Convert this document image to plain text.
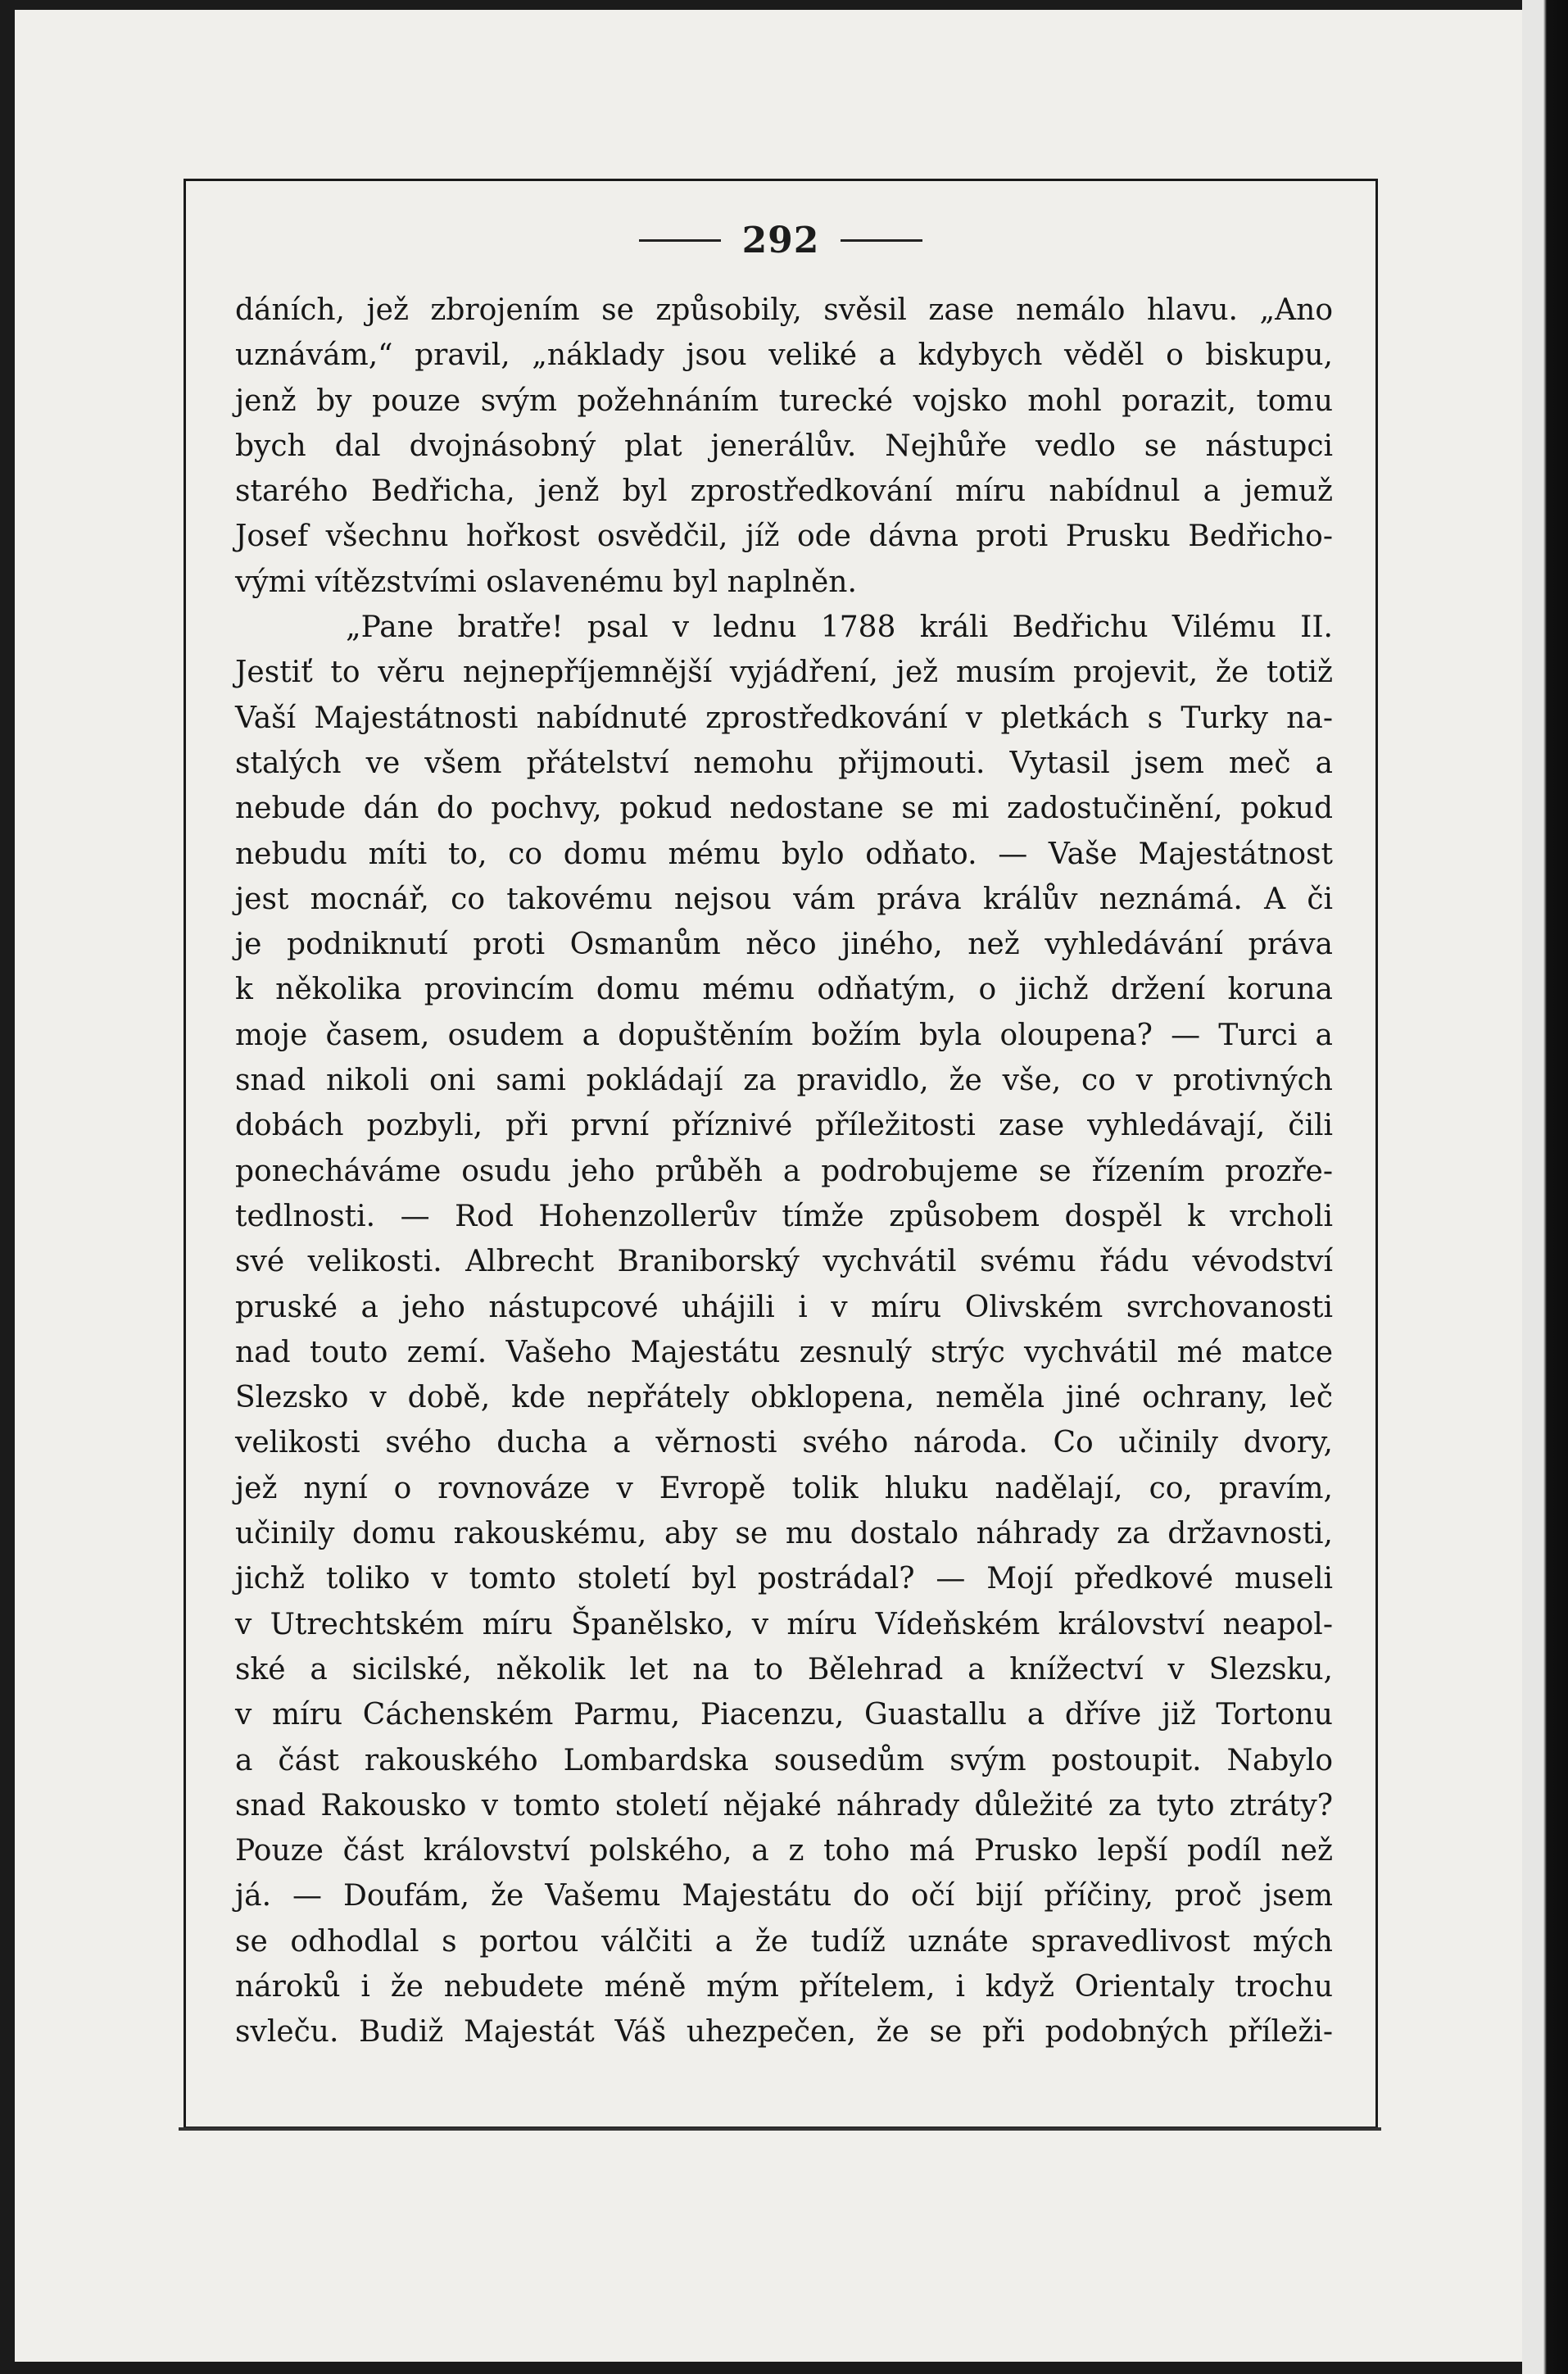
292
dáních, jež zbrojením se způsobily, svěsil zase nemálo hlavu. „Ano
uznávám,“ pravil, „náklady jsou veliké a kdybych věděl o biskupu,
jenž by pouze svým požehnáním turecké vojsko mohl porazit, tomu
bych dal dvojnásobný plat jenerálův. Nejhůře vedlo se nástupci
starého Bedřicha, jenž byl zprostředkování míru nabídnul a jemuž
Josef všechnu hořkost osvědčil, jíž ode dávna proti Prusku Bedřicho-
vými vítězstvími oslavenému byl naplněn.
„Pane bratře! psal v lednu 1788 králi Bedřichu Vilému II.
Jestiť to věru nejnepříjemnější vyjádření, jež musím projevit, že totiž
Vaší Majestátnosti nabídnuté zprostředkování v pletkách s Turky na-
stalých ve všem přátelství nemohu přijmouti. Vytasil jsem meč a
nebude dán do pochvy, pokud nedostane se mi zadostučinění, pokud
nebudu míti to, co domu mému bylo odňato. — Vaše Majestátnost
jest mocnář, co takovému nejsou vám práva králův neznámá. A či
je podniknutí proti Osmanům něco jiného, než vyhledávání práva
k několika provincím domu mému odňatým, o jichž držení koruna
moje časem, osudem a dopuštěním božím byla oloupena? — Turci a
snad nikoli oni sami pokládají za pravidlo, že vše, co v protivných
dobách pozbyli, při první příznivé příležitosti zase vyhledávají, čili
ponecháváme osudu jeho průběh a podrobujeme se řízením prozře-
tedlnosti. — Rod Hohenzollerův tímže způsobem dospěl k vrcholi
své velikosti. Albrecht Braniborský vychvátil svému řádu vévodství
pruské a jeho nástupcové uhájili i v míru Olivském svrchovanosti
nad touto zemí. Vašeho Majestátu zesnulý strýc vychvátil mé matce
Slezsko v době, kde nepřátely obklopena, neměla jiné ochrany, leč
velikosti svého ducha a věrnosti svého národa. Co učinily dvory,
jež nyní o rovnováze v Evropě tolik hluku nadělají, co, pravím,
učinily domu rakouskému, aby se mu dostalo náhrady za državnosti,
jichž toliko v tomto století byl postrádal? — Mojí předkové museli
v Utrechtském míru Španělsko, v míru Vídeňském království neapol-
ské a sicilské, několik let na to Bělehrad a knížectví v Slezsku,
v míru Cáchenském Parmu, Piacenzu, Guastallu a dříve již Tortonu
a část rakouského Lombardska sousedům svým postoupit. Nabylo
snad Rakousko v tomto století nějaké náhrady důležité za tyto ztráty?
Pouze část království polského, a z toho má Prusko lepší podíl než
já. — Doufám, že Vašemu Majestátu do očí bijí příčiny, proč jsem
se odhodlal s portou válčiti a že tudíž uznáte spravedlivost mých
nároků i že nebudete méně mým přítelem, i když Orientaly trochu
svleču. Budiž Majestát Váš uhezpečen, že se při podobných příleži-
